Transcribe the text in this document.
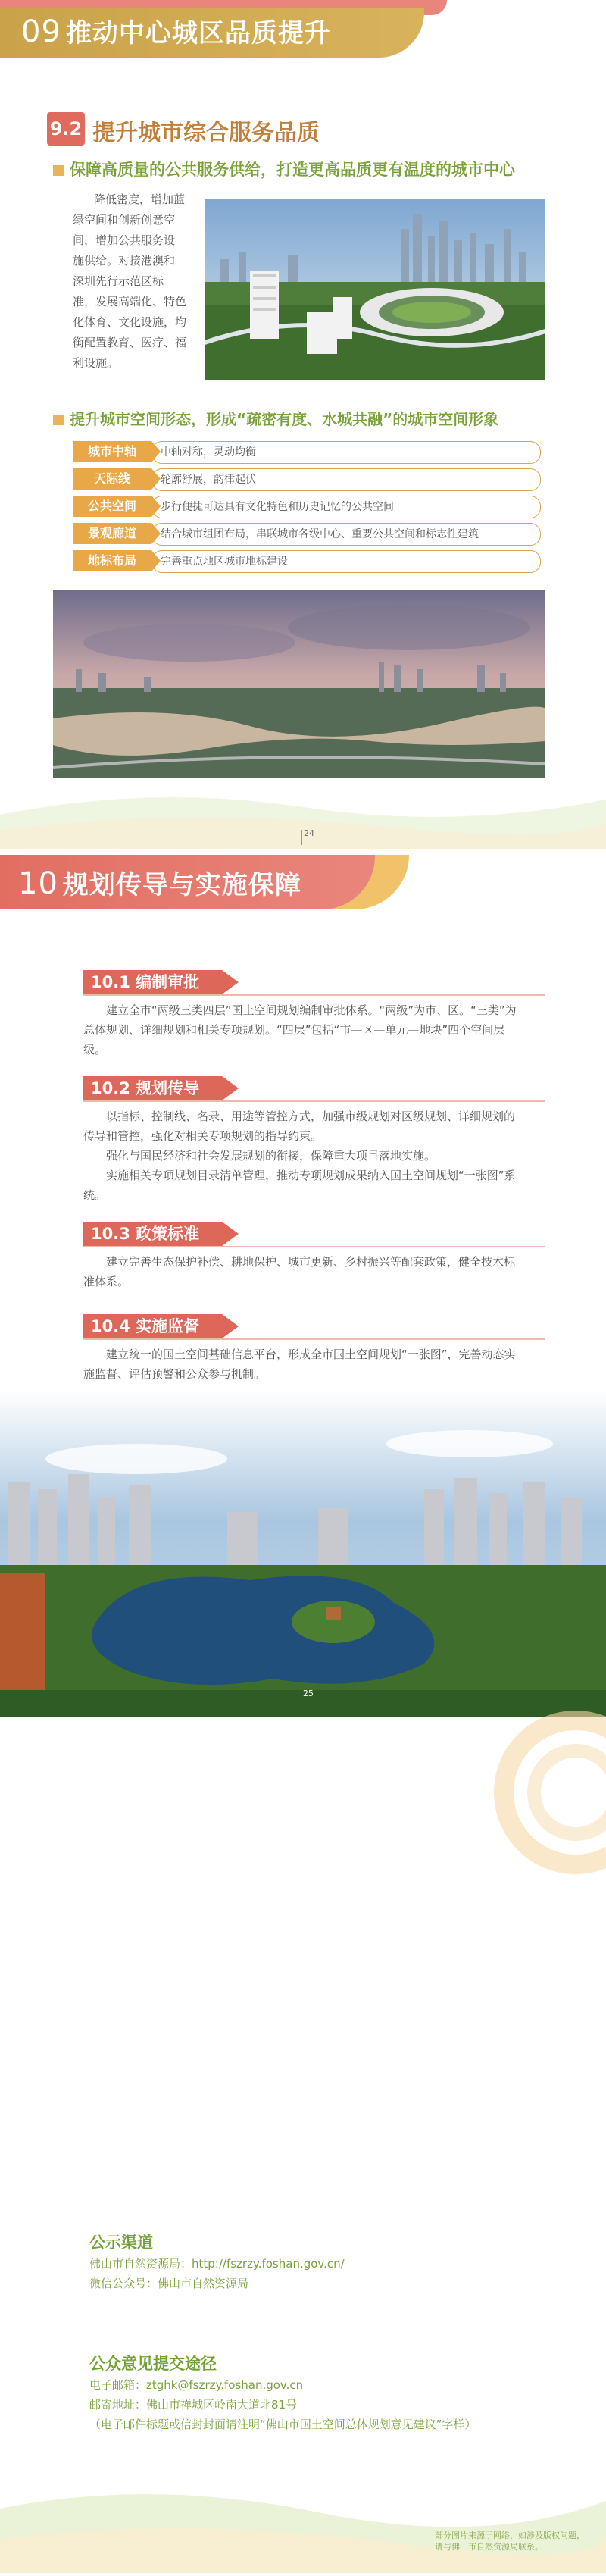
09 推动中心城区品质提升
9.2 提升城市综合服务品质
保障高质量的公共服务供给，打造更高品质更有温度的城市中心
降低密度，增加蓝
绿空间和创新创意空
间，增加公共服务设
施供给。对接港澳和
深圳先行示范区标
准，发展高端化、特色
化体育、文化设施，均
衡配置教育、医疗、福
利设施。
提升城市空间形态，形成“疏密有度、水城共融”的城市空间形象
城市中轴	中轴对称，灵动均衡
天际线	轮廓舒展，韵律起伏
公共空间	步行便捷可达具有文化特色和历史记忆的公共空间
景观廊道	结合城市组团布局，串联城市各级中心、重要公共空间和标志性建筑
地标布局	完善重点地区城市地标建设
24
10 规划传导与实施保障
10.1 编制审批

建立全市“两级三类四层”国土空间规划编制审批体系。“两级”为市、区。“三类”为总体规划、详细规划和相关专项规划。“四层”包括“市—区—单元—地块”四个空间层级。

10.2 规划传导

以指标、控制线、名录、用途等管控方式，加强市级规划对区级规划、详细规划的传导和管控，强化对相关专项规划的指导约束。

强化与国民经济和社会发展规划的衔接，保障重大项目落地实施。

实施相关专项规划目录清单管理，推动专项规划成果纳入国土空间规划“一张图”系统。

10.3 政策标准

建立完善生态保护补偿、耕地保护、城市更新、乡村振兴等配套政策，健全技术标准体系。

10.4 实施监督

建立统一的国土空间基础信息平台，形成全市国土空间规划“一张图”，完善动态实施监督、评估预警和公众参与机制。

25
公示渠道
佛山市自然资源局：http://fszrzy.foshan.gov.cn/
微信公众号：佛山市自然资源局
公众意见提交途径
电子邮箱：ztghk@fszrzy.foshan.gov.cn
邮寄地址：佛山市禅城区岭南大道北81号
（电子邮件标题或信封封面请注明“佛山市国土空间总体规划意见建议”字样）
部分图片来源于网络，如涉及版权问题，
请与佛山市自然资源局联系。
